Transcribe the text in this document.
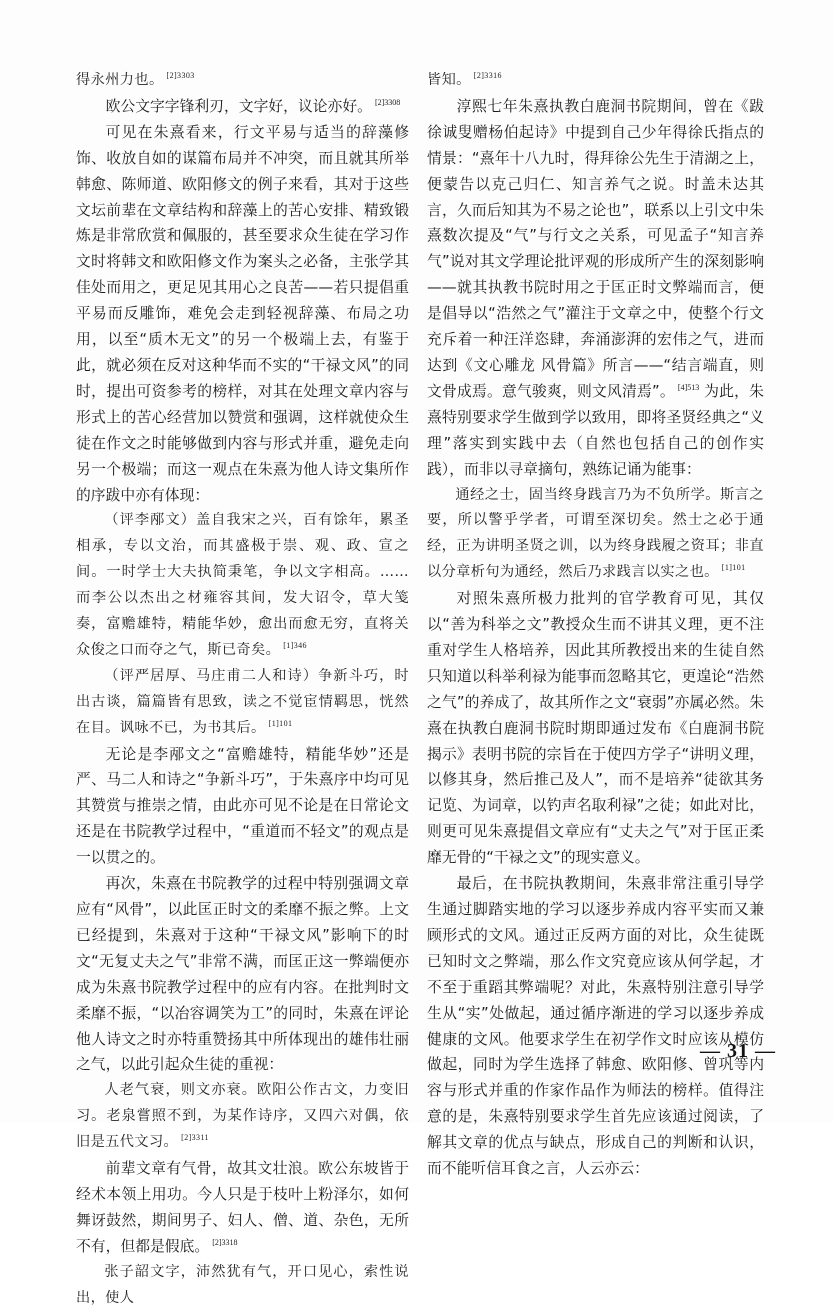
得永州力也。 $^{[2]3303}$

欧公文字字锋利刃，文字好，议论亦好。 $^{[2]3308}$

可见在朱熹看来，行文平易与适当的辞藻修饰、收放自如的谋篇布局并不冲突，而且就其所举韩愈、陈师道、欧阳修文的例子来看，其对于这些文坛前辈在文章结构和辞藻上的苦心安排、精致锻炼是非常欣赏和佩服的，甚至要求众生徒在学习作文时将韩文和欧阳修文作为案头之必备，主张学其佳处而用之，更足见其用心之良苦——若只提倡重平易而反雕饰，难免会走到轻视辞藻、布局之功用，以至“质木无文”的另一个极端上去，有鉴于此，就必须在反对这种华而不实的“干禄文风”的同时，提出可资参考的榜样，对其在处理文章内容与形式上的苦心经营加以赞赏和强调，这样就使众生徒在作文之时能够做到内容与形式并重，避免走向另一个极端；而这一观点在朱熹为他人诗文集所作的序跋中亦有体现：

（评李邴文）盖自我宋之兴，百有馀年，累圣相承，专以文治，而其盛极于崇、观、政、宣之间。一时学士大夫执简秉笔，争以文字相高。……而李公以杰出之材雍容其间，发大诏令，草大笺奏，富赡雄特，精能华妙，愈出而愈无穷，直将关众俊之口而夺之气，斯已奇矣。 $^{[1]346}$

（评严居厚、马庄甫二人和诗）争新斗巧，时出古谈，篇篇皆有思致，读之不觉宦情羁思，恍然在目。讽咏不已，为书其后。 $^{[1]101}$

无论是李邴文之“富赡雄特，精能华妙”还是严、马二人和诗之“争新斗巧”，于朱熹序中均可见其赞赏与推崇之情，由此亦可见不论是在日常论文还是在书院教学过程中，“重道而不轻文”的观点是一以贯之的。

再次，朱熹在书院教学的过程中特别强调文章应有“风骨”，以此匡正时文的柔靡不振之弊。上文已经提到，朱熹对于这种“干禄文风”影响下的时文“无复丈夫之气”非常不满，而匡正这一弊端便亦成为朱熹书院教学过程中的应有内容。在批判时文柔靡不振，“以冶容调笑为工”的同时，朱熹在评论他人诗文之时亦特重赞扬其中所体现出的雄伟壮丽之气，以此引起众生徒的重视：

人老气衰，则文亦衰。欧阳公作古文，力变旧习。老泉嘗照不到，为某作诗序，又四六对偶，依旧是五代文习。 $^{[2]3311}$

前辈文章有气骨，故其文壮浪。欧公东坡皆于经术本领上用功。今人只是于枝叶上粉泽尔，如何舞讶鼓然，期间男子、妇人、僧、道、杂色，无所不有，但都是假底。 $^{[2]3318}$

张子韶文字，沛然犹有气，开口见心，索性说出，使人

皆知。 $^{[2]3316}$

淳熙七年朱熹执教白鹿洞书院期间，曾在《跋徐诚叟赠杨伯起诗》中提到自己少年得徐氏指点的情景：“熹年十八九时，得拜徐公先生于清湖之上，便蒙告以克己归仁、知言养气之说。时盖未达其言，久而后知其为不易之论也”，联系以上引文中朱熹数次提及“气”与行文之关系，可见孟子“知言养气”说对其文学理论批评观的形成所产生的深刻影响——就其执教书院时用之于匡正时文弊端而言，便是倡导以“浩然之气”灌注于文章之中，使整个行文充斥着一种汪洋恣肆，奔涌澎湃的宏伟之气，进而达到《文心雕龙 风骨篇》所言——“结言端直，则文骨成焉。意气骏爽，则文风清焉”。 $^{[4]513}$ 为此，朱熹特别要求学生做到学以致用，即将圣贤经典之“义理”落实到实践中去（自然也包括自己的创作实践），而非以寻章摘句，熟练记诵为能事：

通经之士，固当终身践言乃为不负所学。斯言之要，所以警乎学者，可谓至深切矣。然士之必于通经，正为讲明圣贤之训，以为终身践履之资耳；非直以分章析句为通经，然后乃求践言以实之也。 $^{[1]101}$

对照朱熹所极力批判的官学教育可见，其仅以“善为科举之文”教授众生而不讲其义理，更不注重对学生人格培养，因此其所教授出来的生徒自然只知道以科举利禄为能事而忽略其它，更遑论“浩然之气”的养成了，故其所作之文“衰弱”亦属必然。朱熹在执教白鹿洞书院时期即通过发布《白鹿洞书院揭示》表明书院的宗旨在于使四方学子“讲明义理，以修其身，然后推己及人”，而不是培养“徒欲其务记览、为词章，以钓声名取利禄”之徒；如此对比，则更可见朱熹提倡文章应有“丈夫之气”对于匡正柔靡无骨的“干禄之文”的现实意义。

最后，在书院执教期间，朱熹非常注重引导学生通过脚踏实地的学习以逐步养成内容平实而又兼顾形式的文风。通过正反两方面的对比，众生徒既已知时文之弊端，那么作文究竟应该从何学起，才不至于重蹈其弊端呢？对此，朱熹特别注意引导学生从“实”处做起，通过循序渐进的学习以逐步养成健康的文风。他要求学生在初学作文时应该从模仿做起，同时为学生选择了韩愈、欧阳修、曾巩等内容与形式并重的作家作品作为师法的榜样。值得注意的是，朱熹特别要求学生首先应该通过阅读，了解其文章的优点与缺点，形成自己的判断和认识，而不能听信耳食之言，人云亦云：

— 31 —
